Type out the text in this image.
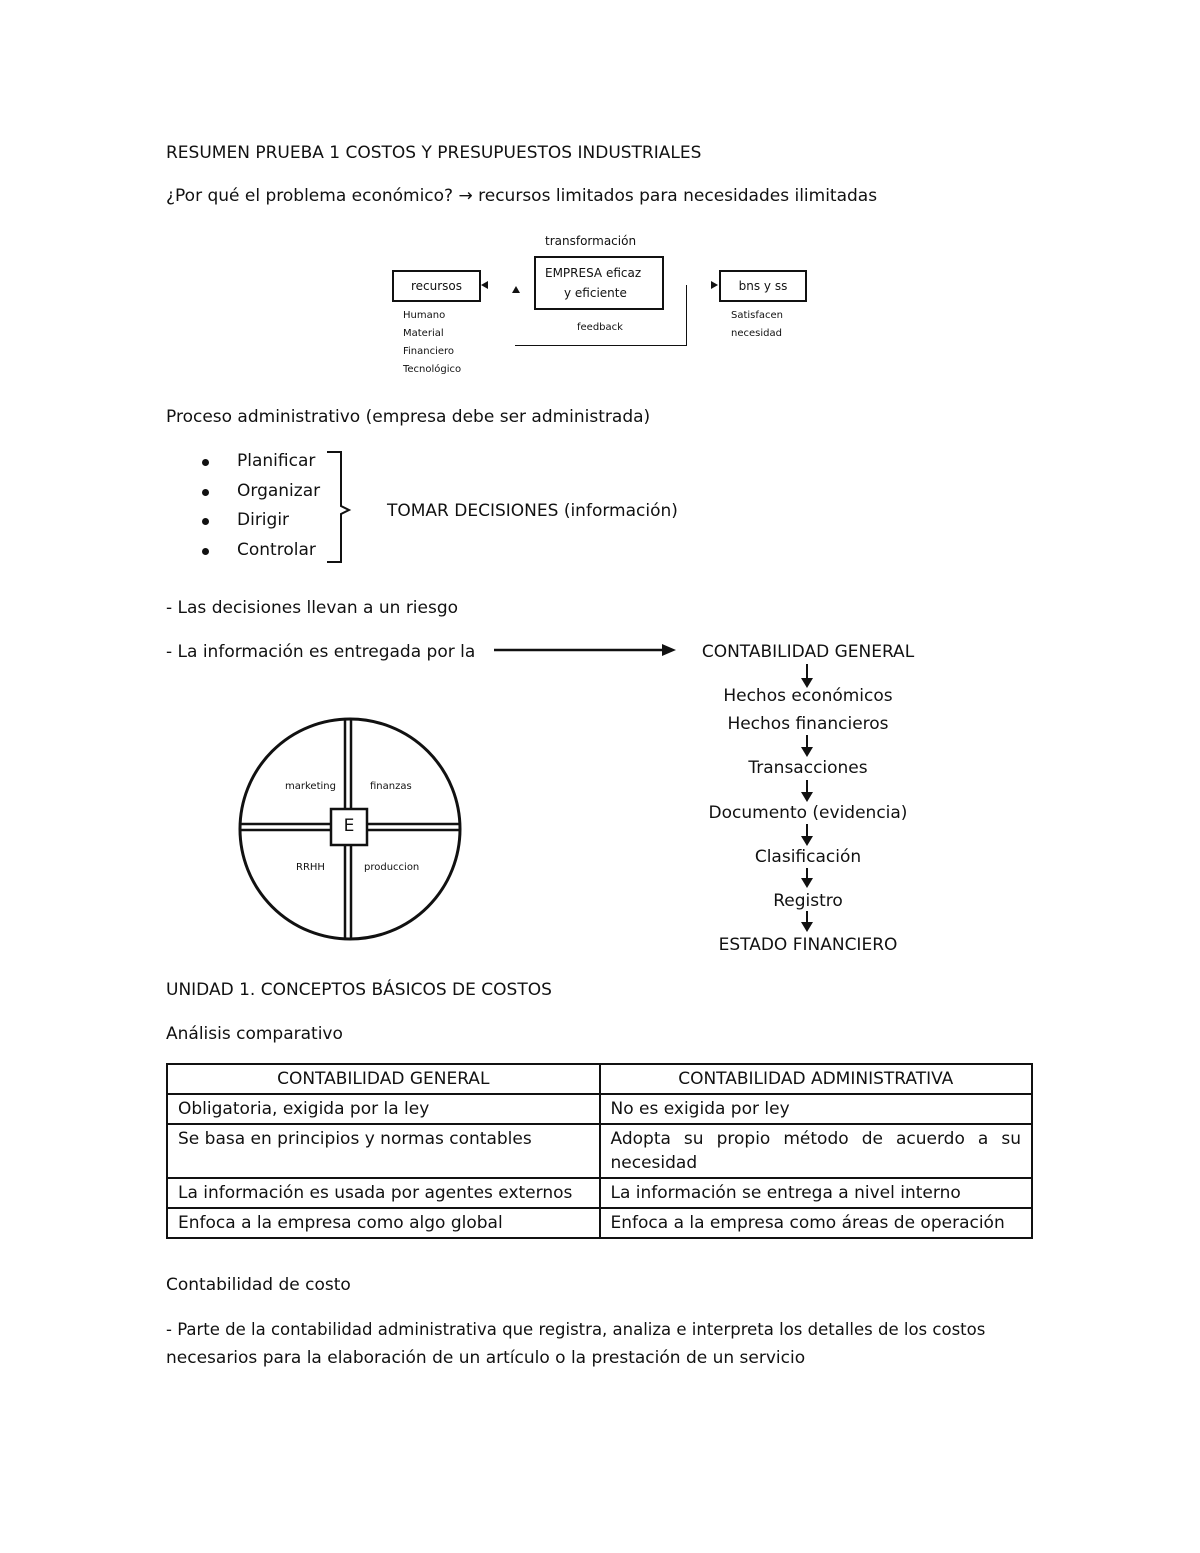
RESUMEN PRUEBA 1 COSTOS Y PRESUPUESTOS INDUSTRIALES
¿Por qué el problema económico? → recursos limitados para necesidades ilimitadas
transformación
EMPRESA eficaz
y eficiente
recursos
Humano
Material
Financiero
Tecnológico
feedback
bns y ss
Satisfacen
necesidad
Proceso administrativo (empresa debe ser administrada)
Planificar
Organizar
Dirigir
Controlar
TOMAR DECISIONES (información)
- Las decisiones llevan a un riesgo
- La información es entregada por la
E
marketing	finanzas
RRHH	produccion
CONTABILIDAD GENERAL
Hechos económicos
Hechos financieros
Transacciones
Documento (evidencia)
Clasificación
Registro
ESTADO FINANCIERO
UNIDAD 1. CONCEPTOS BÁSICOS DE COSTOS
Análisis comparativo
CONTABILIDAD GENERAL	CONTABILIDAD ADMINISTRATIVA
Obligatoria, exigida por la ley	No es exigida por ley
Se basa en principios y normas contables	Adopta su propio método de acuerdo a su necesidad
La información es usada por agentes externos	La información se entrega a nivel interno
Enfoca a la empresa como algo global	Enfoca a la empresa como áreas de operación
Contabilidad de costo
- Parte de la contabilidad administrativa que registra, analiza e interpreta los detalles de los costos
necesarios para la elaboración de un artículo o la prestación de un servicio
